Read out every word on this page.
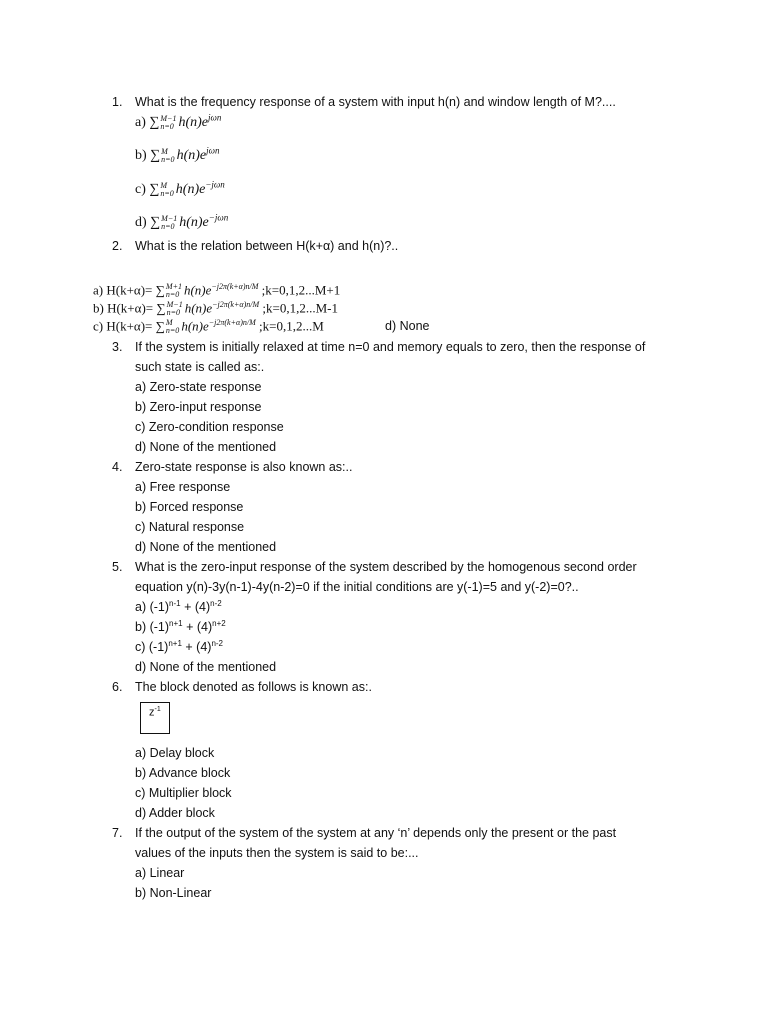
1.	What is the frequency response of a system with input h(n) and window length of M?....
a) ∑ M−1
n=0 $h(n)e^{j\omega n}$
b) ∑ M
n=0 $h(n)e^{j\omega n}$
c) ∑ M
n=0 $h(n)e^{-j\omega n}$
d) ∑ M−1
n=0 $h(n)e^{-j\omega n}$
2.	What is the relation between H(k+α) and h(n)?..
a) H(k+α)= ∑ M+1
n=0 $h(n)e^{-j2\pi(k+\alpha)n/M}$ ;k=0,1,2...M+1
b) H(k+α)= ∑ M−1
n=0 $h(n)e^{-j2\pi(k+\alpha)n/M}$ ;k=0,1,2...M-1
c) H(k+α)= ∑ M
n=0 $h(n)e^{-j2\pi(k+\alpha)n/M}$ ;k=0,1,2...M	d) None
3.	If the system is initially relaxed at time n=0 and memory equals to zero, then the response of such state is called as:.
a) Zero-state response
b) Zero-input response
c) Zero-condition response
d) None of the mentioned
4.	Zero-state response is also known as:..
a) Free response
b) Forced response
c) Natural response
d) None of the mentioned
5.	What is the zero-input response of the system described by the homogenous second order equation y(n)-3y(n-1)-4y(n-2)=0 if the initial conditions are y(-1)=5 and y(-2)=0?..
a) $(-1)^{n-1} + (4)^{n-2}$
b) $(-1)^{n+1} + (4)^{n+2}$
c) $(-1)^{n+1} + (4)^{n-2}$
d) None of the mentioned
6.	The block denoted as follows is known as:.
$z^{-1}$
a) Delay block
b) Advance block
c) Multiplier block
d) Adder block
7.	If the output of the system of the system at any ‘n’ depends only the present or the past values of the inputs then the system is said to be:...
a) Linear
b) Non-Linear
